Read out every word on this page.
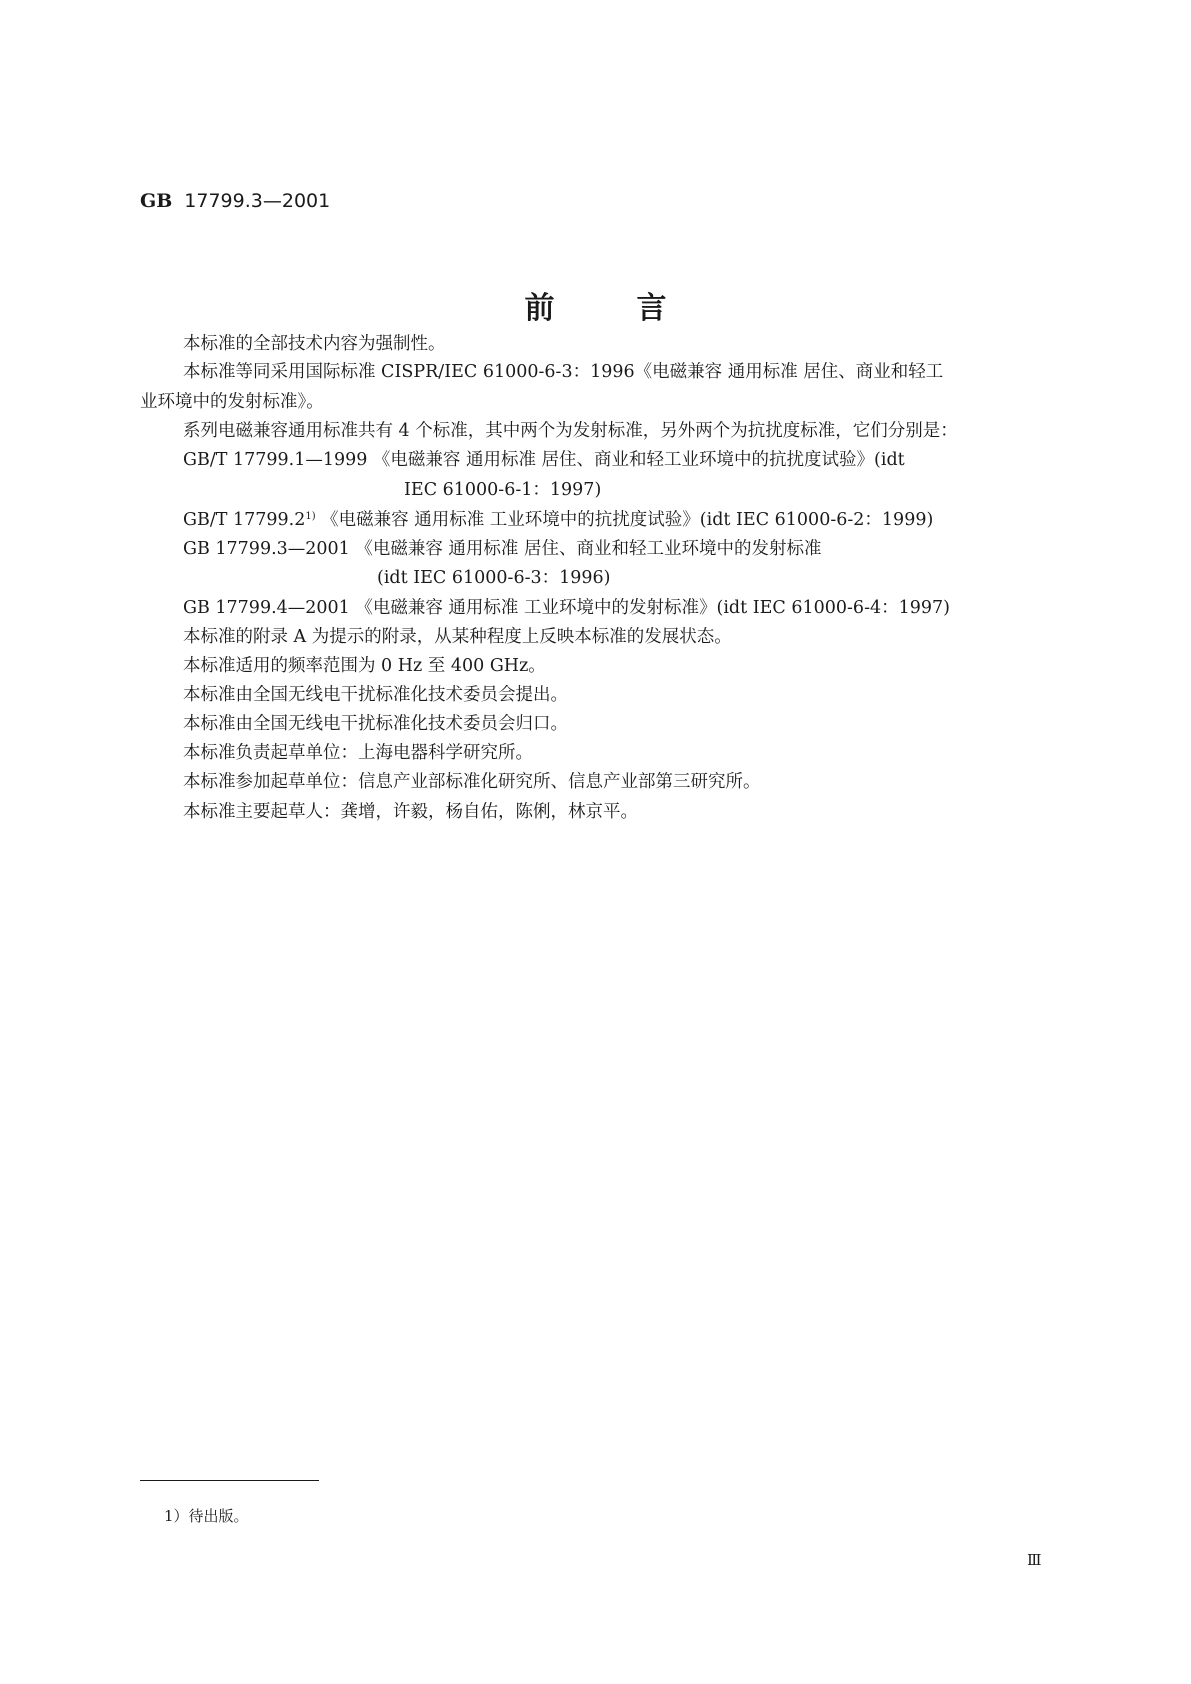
GB 17799.3—2001
前言
本标准的全部技术内容为强制性。
本标准等同采用国际标准 CISPR/IEC 61000-6-3：1996《电磁兼容 通用标准 居住、商业和轻工
业环境中的发射标准》。
系列电磁兼容通用标准共有 4 个标准，其中两个为发射标准，另外两个为抗扰度标准，它们分别是：
GB/T 17799.1—1999 《电磁兼容 通用标准 居住、商业和轻工业环境中的抗扰度试验》(idt
IEC 61000-6-1：1997)
GB/T 17799.2$^{1)}$ 《电磁兼容 通用标准 工业环境中的抗扰度试验》(idt IEC 61000-6-2：1999)
GB 17799.3—2001 《电磁兼容 通用标准 居住、商业和轻工业环境中的发射标准
(idt IEC 61000-6-3：1996)
GB 17799.4—2001 《电磁兼容 通用标准 工业环境中的发射标准》(idt IEC 61000-6-4：1997)
本标准的附录 A 为提示的附录，从某种程度上反映本标准的发展状态。
本标准适用的频率范围为 0 Hz 至 400 GHz。
本标准由全国无线电干扰标准化技术委员会提出。
本标准由全国无线电干扰标准化技术委员会归口。
本标准负责起草单位：上海电器科学研究所。
本标准参加起草单位：信息产业部标准化研究所、信息产业部第三研究所。
本标准主要起草人：龚增，许毅，杨自佑，陈俐，林京平。
1）待出版。
Ⅲ
